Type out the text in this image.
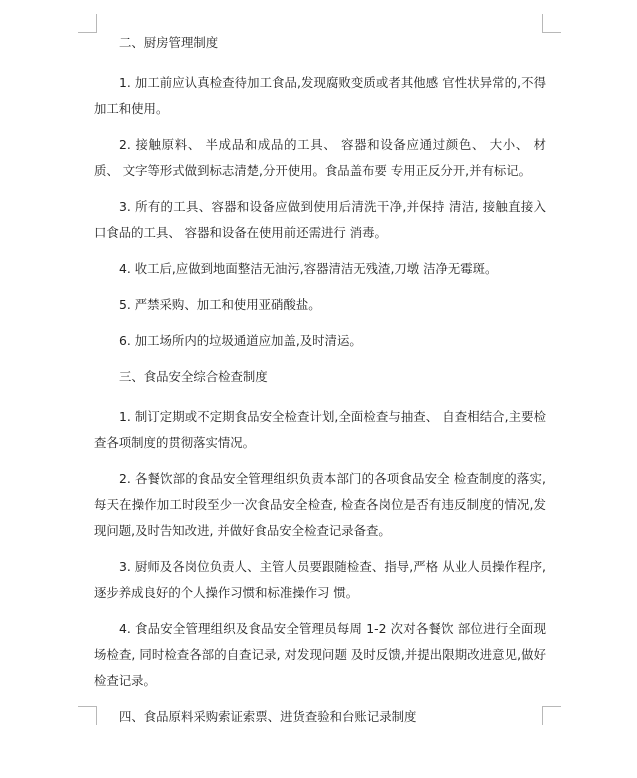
二、厨房管理制度

1. 加工前应认真检查待加工食品,发现腐败变质或者其他感 官性状异常的,不得加工和使用。

2. 接触原料、 半成品和成品的工具、 容器和设备应通过颜色、 大小、 材质、 文字等形式做到标志清楚,分开使用。食品盖布要 专用正反分开,并有标记。

3. 所有的工具、容器和设备应做到使用后清洗干净,并保持 清洁, 接触直接入口食品的工具、 容器和设备在使用前还需进行 消毒。

4. 收工后,应做到地面整洁无油污,容器清洁无残渣,刀墩 洁净无霉斑。

5. 严禁采购、加工和使用亚硝酸盐。

6. 加工场所内的垃圾通道应加盖,及时清运。

三、食品安全综合检查制度

1. 制订定期或不定期食品安全检查计划,全面检查与抽查、 自查相结合,主要检查各项制度的贯彻落实情况。

2. 各餐饮部的食品安全管理组织负责本部门的各项食品安全 检查制度的落实, 每天在操作加工时段至少一次食品安全检查, 检查各岗位是否有违反制度的情况,发现问题,及时告知改进, 并做好食品安全检查记录备查。

3. 厨师及各岗位负责人、主管人员要跟随检查、指导,严格 从业人员操作程序, 逐步养成良好的个人操作习惯和标准操作习 惯。

4. 食品安全管理组织及食品安全管理员每周 1-2 次对各餐饮 部位进行全面现场检查, 同时检查各部的自查记录, 对发现问题 及时反馈,并提出限期改进意见,做好检查记录。

四、食品原料采购索证索票、进货查验和台账记录制度
